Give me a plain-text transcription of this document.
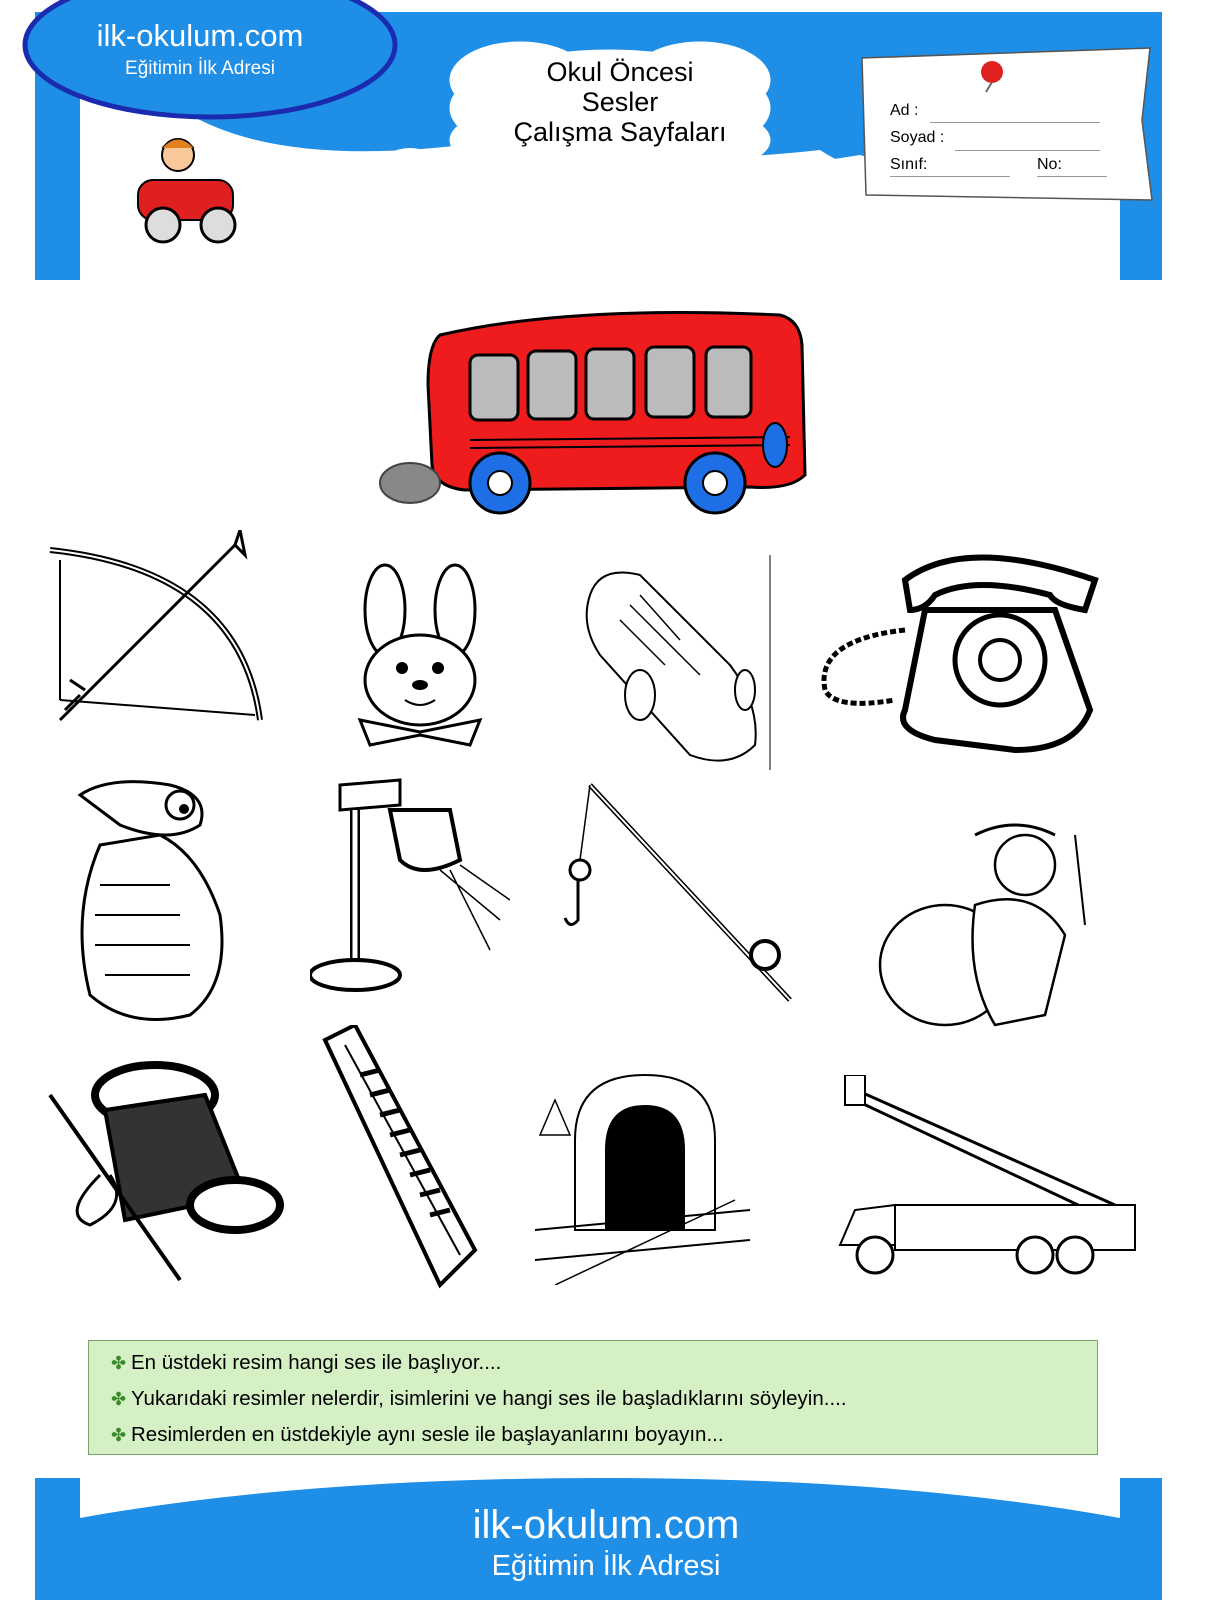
ilk-okulum.com
Eğitimin İlk Adresi	Okul Öncesi
Sesler
Çalışma Sayfaları
Ad :
Soyad :
Sınıf:	No:
✤ En üstdeki resim hangi ses ile başlıyor....
✤ Yukarıdaki resimler nelerdir, isimlerini ve hangi ses ile başladıklarını söyleyin....
✤ Resimlerden en üstdekiyle aynı sesle ile başlayanlarını boyayın...
ilk-okulum.com
Eğitimin İlk Adresi
